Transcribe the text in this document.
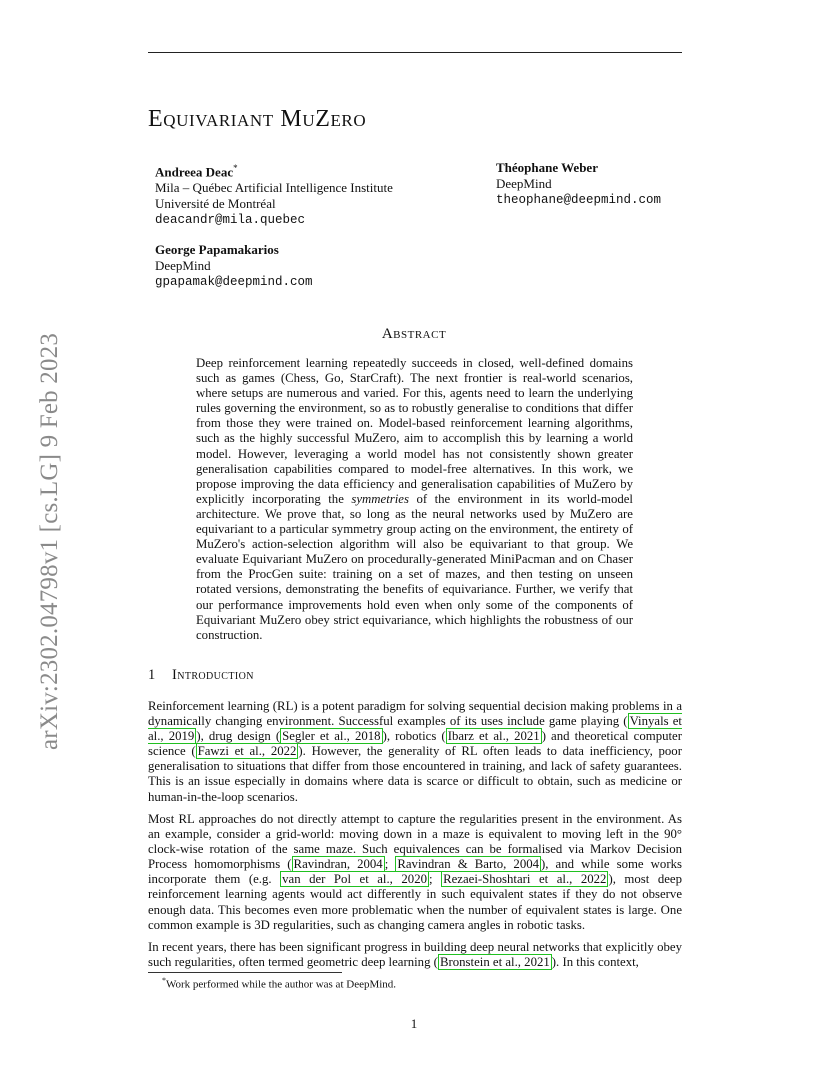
arXiv:2302.04798v1 [cs.LG] 9 Feb 2023
Equivariant MuZero
Andreea Deac*
Mila – Québec Artificial Intelligence Institute
Université de Montréal
deacandr@mila.quebec
Théophane Weber
DeepMind
theophane@deepmind.com
George Papamakarios
DeepMind
gpapamak@deepmind.com
Abstract
Deep reinforcement learning repeatedly succeeds in closed, well-defined domains such as games (Chess, Go, StarCraft). The next frontier is real-world scenarios, where setups are numerous and varied. For this, agents need to learn the underlying rules governing the environment, so as to robustly generalise to conditions that differ from those they were trained on. Model-based reinforcement learning algorithms, such as the highly successful MuZero, aim to accomplish this by learning a world model. However, leveraging a world model has not consistently shown greater generalisation capabilities compared to model-free alternatives. In this work, we propose improving the data efficiency and generalisation capabilities of MuZero by explicitly incorporating the symmetries of the environment in its world-model architecture. We prove that, so long as the neural networks used by MuZero are equivariant to a particular symmetry group acting on the environment, the entirety of MuZero's action-selection algorithm will also be equivariant to that group. We evaluate Equivariant MuZero on procedurally-generated MiniPacman and on Chaser from the ProcGen suite: training on a set of mazes, and then testing on unseen rotated versions, demonstrating the benefits of equivariance. Further, we verify that our performance improvements hold even when only some of the components of Equivariant MuZero obey strict equivariance, which highlights the robustness of our construction.
1 Introduction
Reinforcement learning (RL) is a potent paradigm for solving sequential decision making problems in a dynamically changing environment. Successful examples of its uses include game playing ( Vinyals et al., 2019 ), drug design ( Segler et al., 2018 ), robotics ( Ibarz et al., 2021 ) and theoretical computer science ( Fawzi et al., 2022 ). However, the generality of RL often leads to data inefficiency, poor generalisation to situations that differ from those encountered in training, and lack of safety guarantees. This is an issue especially in domains where data is scarce or difficult to obtain, such as medicine or human-in-the-loop scenarios.
Most RL approaches do not directly attempt to capture the regularities present in the environment. As an example, consider a grid-world: moving down in a maze is equivalent to moving left in the 90° clock-wise rotation of the same maze. Such equivalences can be formalised via Markov Decision Process homomorphisms ( Ravindran, 2004 ; Ravindran & Barto, 2004 ), and while some works incorporate them (e.g. van der Pol et al., 2020 ; Rezaei-Shoshtari et al., 2022 ), most deep reinforcement learning agents would act differently in such equivalent states if they do not observe enough data. This becomes even more problematic when the number of equivalent states is large. One common example is 3D regularities, such as changing camera angles in robotic tasks.
In recent years, there has been significant progress in building deep neural networks that explicitly obey such regularities, often termed geometric deep learning ( Bronstein et al., 2021 ). In this context,
*Work performed while the author was at DeepMind.
1
